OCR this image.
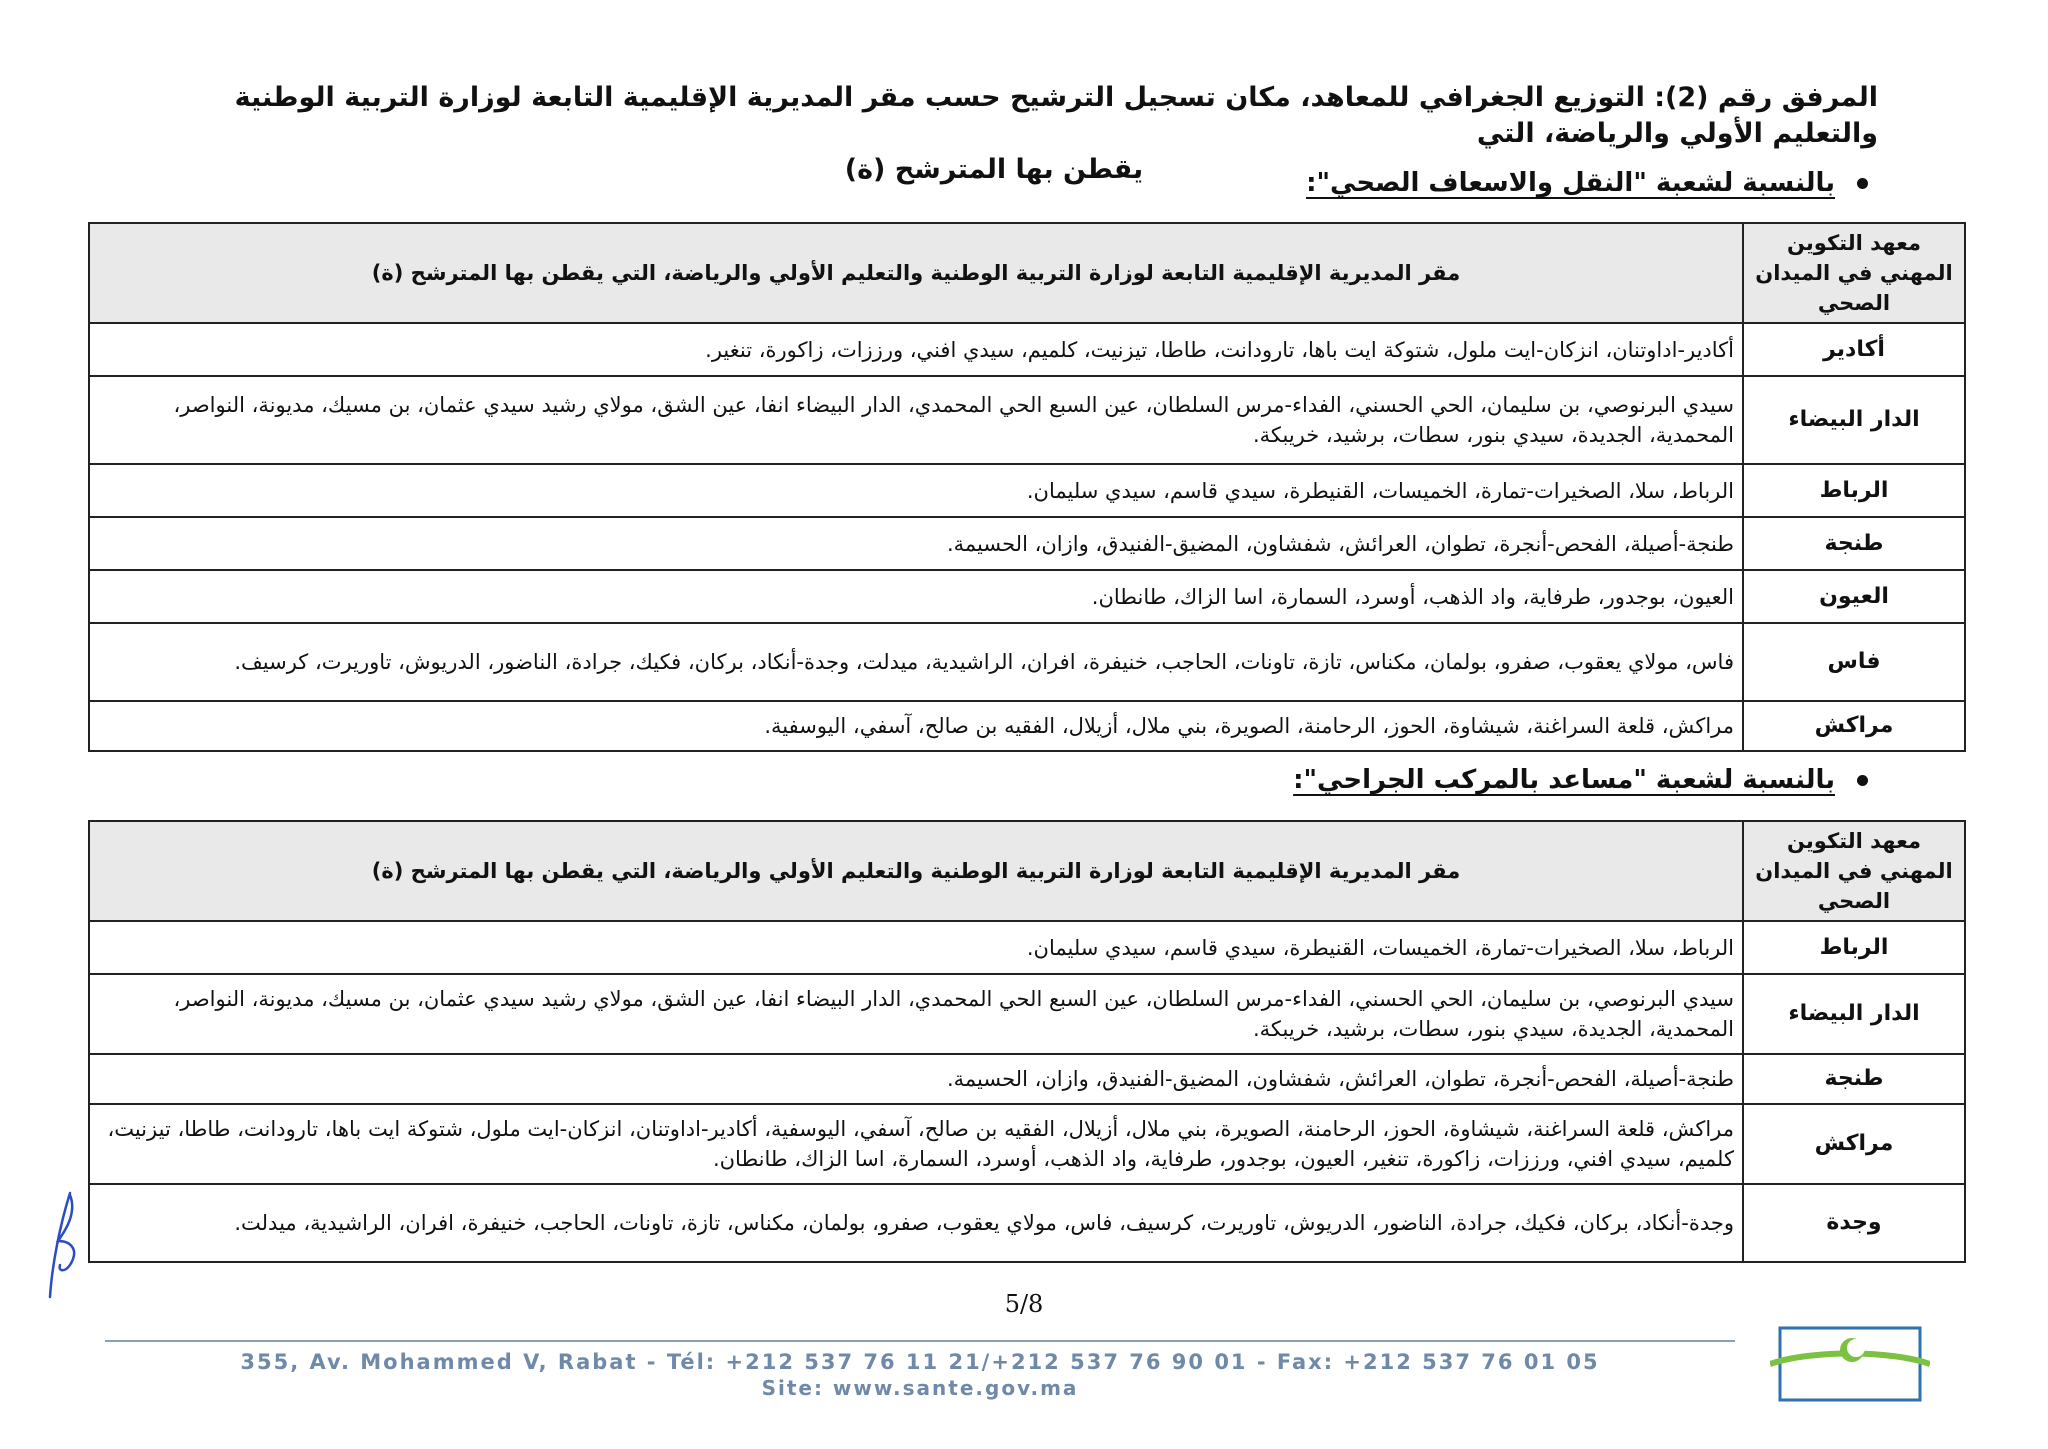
المرفق رقم (2): التوزيع الجغرافي للمعاهد، مكان تسجيل الترشيح حسب مقر المديرية الإقليمية التابعة لوزارة التربية الوطنية والتعليم الأولي والرياضة، التي
يقطن بها المترشح (ة)	بالنسبة لشعبة "النقل والاسعاف الصحي":
معهد التكوين المهني في الميدان الصحي	مقر المديرية الإقليمية التابعة لوزارة التربية الوطنية والتعليم الأولي والرياضة، التي يقطن بها المترشح (ة)
أكادير	أكادير-اداوتنان، انزكان-ايت ملول، شتوكة ايت باها، تارودانت، طاطا، تيزنيت، كلميم، سيدي افني، ورززات، زاكورة، تنغير.
الدار البيضاء	سيدي البرنوصي، بن سليمان، الحي الحسني، الفداء-مرس السلطان، عين السبع الحي المحمدي، الدار البيضاء انفا، عين الشق، مولاي رشيد سيدي عثمان، بن مسيك، مديونة، النواصر، المحمدية، الجديدة، سيدي بنور، سطات، برشيد، خريبكة.
الرباط	الرباط، سلا، الصخيرات-تمارة، الخميسات، القنيطرة، سيدي قاسم، سيدي سليمان.
طنجة	طنجة-أصيلة، الفحص-أنجرة، تطوان، العرائش، شفشاون، المضيق-الفنيدق، وازان، الحسيمة.
العيون	العيون، بوجدور، طرفاية، واد الذهب، أوسرد، السمارة، اسا الزاك، طانطان.
فاس	فاس، مولاي يعقوب، صفرو، بولمان، مكناس، تازة، تاونات، الحاجب، خنيفرة، افران، الراشيدية، ميدلت، وجدة-أنكاد، بركان، فكيك، جرادة، الناضور، الدريوش، تاوريرت، كرسيف.
مراكش	مراكش، قلعة السراغنة، شيشاوة، الحوز، الرحامنة، الصويرة، بني ملال، أزيلال، الفقيه بن صالح، آسفي، اليوسفية.
بالنسبة لشعبة "مساعد بالمركب الجراحي":
معهد التكوين المهني في الميدان الصحي	مقر المديرية الإقليمية التابعة لوزارة التربية الوطنية والتعليم الأولي والرياضة، التي يقطن بها المترشح (ة)
الرباط	الرباط، سلا، الصخيرات-تمارة، الخميسات، القنيطرة، سيدي قاسم، سيدي سليمان.
الدار البيضاء	سيدي البرنوصي، بن سليمان، الحي الحسني، الفداء-مرس السلطان، عين السبع الحي المحمدي، الدار البيضاء انفا، عين الشق، مولاي رشيد سيدي عثمان، بن مسيك، مديونة، النواصر، المحمدية، الجديدة، سيدي بنور، سطات، برشيد، خريبكة.
طنجة	طنجة-أصيلة، الفحص-أنجرة، تطوان، العرائش، شفشاون، المضيق-الفنيدق، وازان، الحسيمة.
مراكش	مراكش، قلعة السراغنة، شيشاوة، الحوز، الرحامنة، الصويرة، بني ملال، أزيلال، الفقيه بن صالح، آسفي، اليوسفية، أكادير-اداوتنان، انزكان-ايت ملول، شتوكة ايت باها، تارودانت، طاطا، تيزنيت، كلميم، سيدي افني، ورززات، زاكورة، تنغير، العيون، بوجدور، طرفاية، واد الذهب، أوسرد، السمارة، اسا الزاك، طانطان.
وجدة	وجدة-أنكاد، بركان، فكيك، جرادة، الناضور، الدريوش، تاوريرت، كرسيف، فاس، مولاي يعقوب، صفرو، بولمان، مكناس، تازة، تاونات، الحاجب، خنيفرة، افران، الراشيدية، ميدلت.
5/8
355, Av. Mohammed V, Rabat - Tél: +212 537 76 11 21/+212 537 76 90 01 - Fax: +212 537 76 01 05
Site: www.sante.gov.ma
